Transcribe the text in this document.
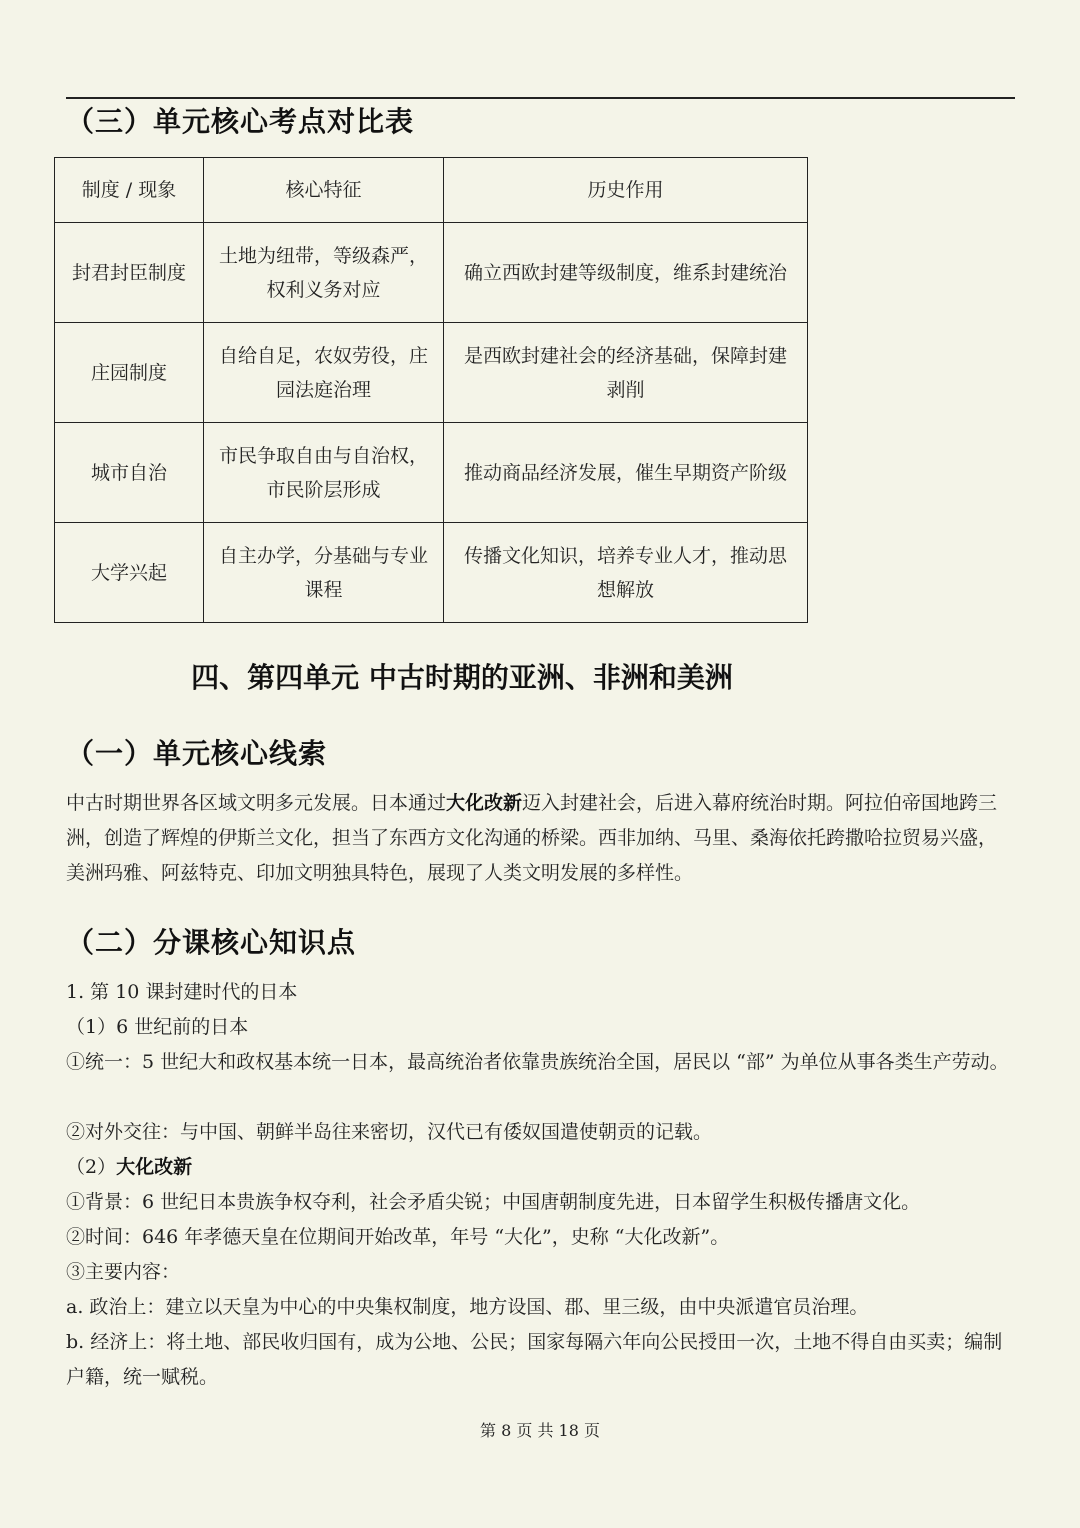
（三）单元核心考点对比表
制度 / 现象	核心特征	历史作用
封君封臣制度	土地为纽带，等级森严，权利义务对应	确立西欧封建等级制度，维系封建统治
庄园制度	自给自足，农奴劳役，庄园法庭治理	是西欧封建社会的经济基础，保障封建剥削
城市自治	市民争取自由与自治权，市民阶层形成	推动商品经济发展，催生早期资产阶级
大学兴起	自主办学，分基础与专业课程	传播文化知识，培养专业人才，推动思想解放
四、第四单元 中古时期的亚洲、非洲和美洲
（一）单元核心线索

中古时期世界各区域文明多元发展。日本通过大化改新迈入封建社会，后进入幕府统治时期。阿拉伯帝国地跨三洲，创造了辉煌的伊斯兰文化，担当了东西方文化沟通的桥梁。西非加纳、马里、桑海依托跨撒哈拉贸易兴盛，美洲玛雅、阿兹特克、印加文明独具特色，展现了人类文明发展的多样性。

（二）分课核心知识点

1. 第 10 课封建时代的日本

（1）6 世纪前的日本

①统一：5 世纪大和政权基本统一日本，最高统治者依靠贵族统治全国，居民以 “部” 为单位从事各类生产劳动。

②对外交往：与中国、朝鲜半岛往来密切，汉代已有倭奴国遣使朝贡的记载。

（2）大化改新

①背景：6 世纪日本贵族争权夺利，社会矛盾尖锐；中国唐朝制度先进，日本留学生积极传播唐文化。

②时间：646 年孝德天皇在位期间开始改革，年号 “大化”，史称 “大化改新”。

③主要内容：

a. 政治上：建立以天皇为中心的中央集权制度，地方设国、郡、里三级，由中央派遣官员治理。

b. 经济上：将土地、部民收归国有，成为公地、公民；国家每隔六年向公民授田一次，土地不得自由买卖；编制户籍，统一赋税。

第 8 页 共 18 页
